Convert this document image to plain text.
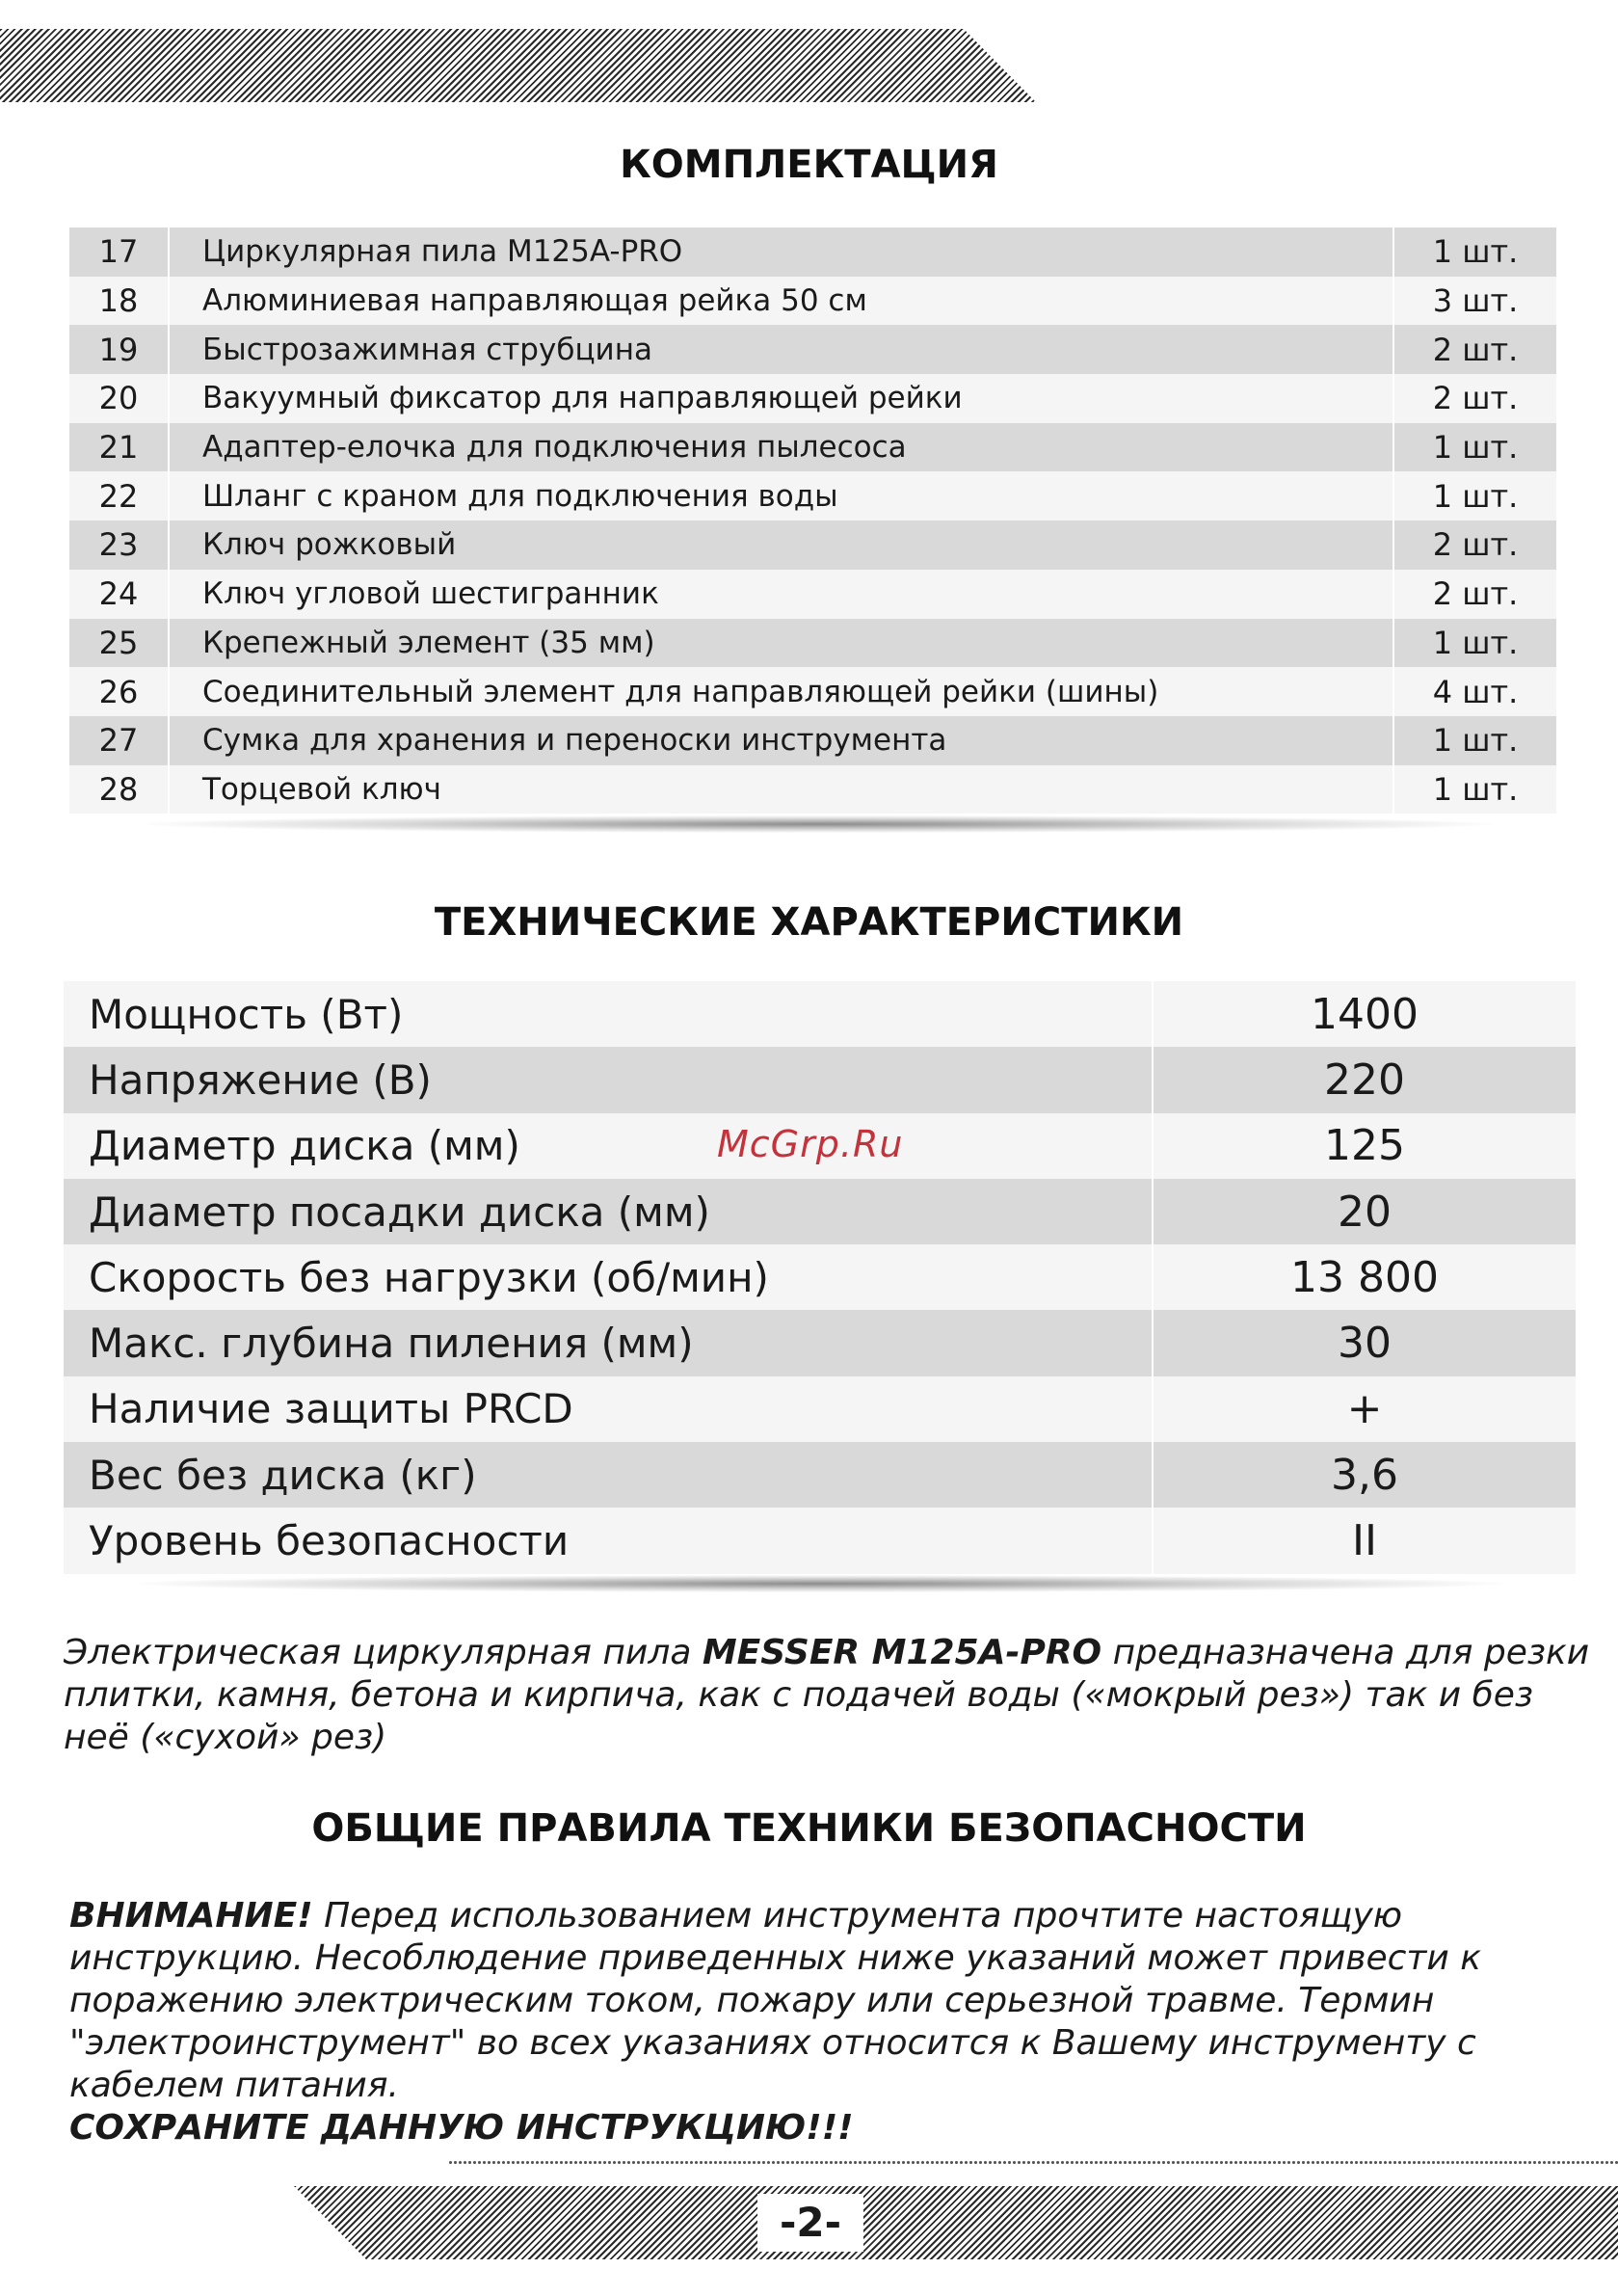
КОМПЛЕКТАЦИЯ
17	Циркулярная пила M125A-PRO	1 шт.
18	Алюминиевая направляющая рейка 50 см	3 шт.
19	Быстрозажимная струбцина	2 шт.
20	Вакуумный фиксатор для направляющей рейки	2 шт.
21	Адаптер-елочка для подключения пылесоса	1 шт.
22	Шланг с краном для подключения воды	1 шт.
23	Ключ рожковый	2 шт.
24	Ключ угловой шестигранник	2 шт.
25	Крепежный элемент (35 мм)	1 шт.
26	Соединительный элемент для направляющей рейки (шины)	4 шт.
27	Сумка для хранения и переноски инструмента	1 шт.
28	Торцевой ключ	1 шт.
ТЕХНИЧЕСКИЕ ХАРАКТЕРИСТИКИ
Мощность (Вт)	1400
Напряжение (В)	220
Диаметр диска (мм)	125
Диаметр посадки диска (мм)	20
Скорость без нагрузки (об/мин)	13 800
Макс. глубина пиления (мм)	30
Наличие защиты PRCD	+
Вес без диска (кг)	3,6
Уровень безопасности	II
McGrp.Ru
Электрическая циркулярная пила MESSER M125A-PRO предназначена для резки плитки, камня, бетона и кирпича, как с подачей воды («мокрый рез») так и без неё («сухой» рез)
ОБЩИЕ ПРАВИЛА ТЕХНИКИ БЕЗОПАСНОСТИ
ВНИМАНИЕ! Перед использованием инструмента прочтите настоящую инструкцию. Несоблюдение приведенных ниже указаний может привести к поражению электрическим током, пожару или серьезной травме. Термин "электроинструмент" во всех указаниях относится к Вашему инструменту с кабелем питания.
СОХРАНИТЕ ДАННУЮ ИНСТРУКЦИЮ!!!
-2-
